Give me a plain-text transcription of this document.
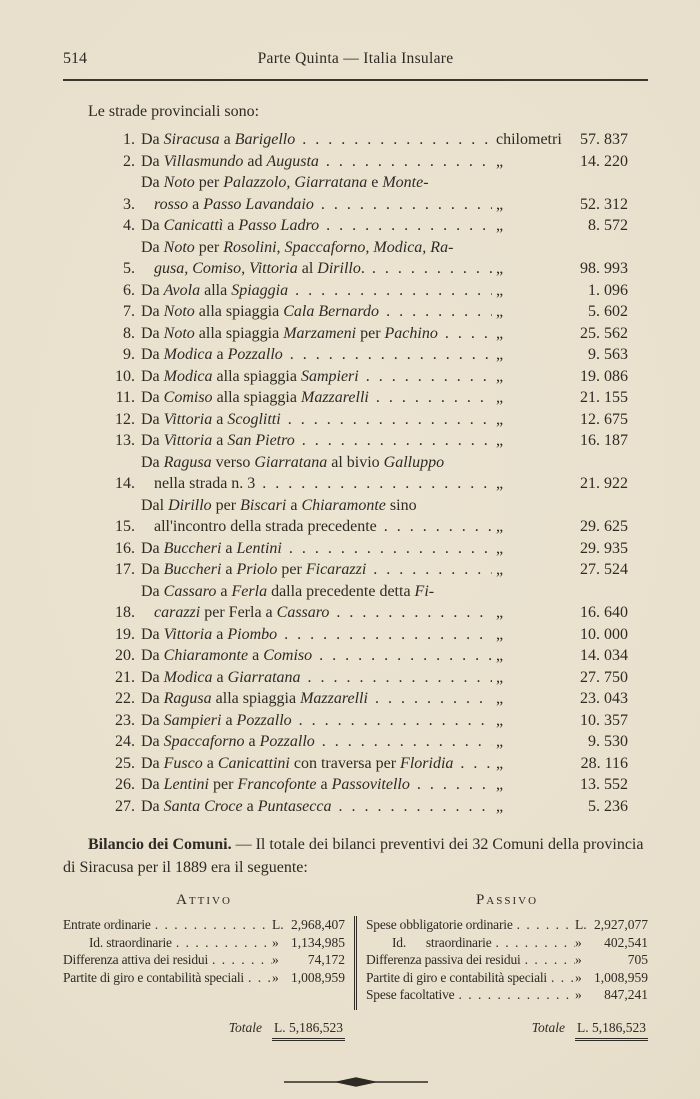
514	Parte Quinta — Italia Insulare

Le strade provinciali sono:

1. Da Siracusa a Barigello . . .	chilometri	57. 837
2. Da Villasmundo ad Augusta . . .	„	14. 220
3.
Da Noto per Palazzolo, Giarratana e Monte-
rosso a Passo Lavandaio . . .	„	52. 312
4. Da Canicattì a Passo Ladro . . .	„	8. 572
5.
Da Noto per Rosolini, Spaccaforno, Modica, Ra-
gusa, Comiso, Vittoria al Dirillo. . . .	„	98. 993
6. Da Avola alla Spiaggia . . .	„	1. 096
7. Da Noto alla spiaggia Cala Bernardo . . .	„	5. 602
8. Da Noto alla spiaggia Marzameni per Pachino . . .	„	25. 562
9. Da Modica a Pozzallo . . .	„	9. 563
10. Da Modica alla spiaggia Sampieri . . .	„	19. 086
11. Da Comiso alla spiaggia Mazzarelli . . .	„	21. 155
12. Da Vittoria a Scoglitti . . .	„	12. 675
13. Da Vittoria a San Pietro . . .	„	16. 187
14.
Da Ragusa verso Giarratana al bivio Galluppo
nella strada n. 3 . . .	„	21. 922
15.
Dal Dirillo per Biscari a Chiaramonte sino
all'incontro della strada precedente . . .	„	29. 625
16. Da Buccheri a Lentini . . .	„	29. 935
17. Da Buccheri a Priolo per Ficarazzi . . .	„	27. 524
18.
Da Cassaro a Ferla dalla precedente detta Fi-
carazzi per Ferla a Cassaro . . .	„	16. 640
19. Da Vittoria a Piombo . . .	„	10. 000
20. Da Chiaramonte a Comiso . . .	„	14. 034
21. Da Modica a Giarratana . . .	„	27. 750
22. Da Ragusa alla spiaggia Mazzarelli . . .	„	23. 043
23. Da Sampieri a Pozzallo . . .	„	10. 357
24. Da Spaccaforno a Pozzallo . . .	„	9. 530
25. Da Fusco a Canicattini con traversa per Floridia . . .	„	28. 116
26. Da Lentini per Francofonte a Passovitello . . .	„	13. 552
27. Da Santa Croce a Puntasecca . . .	„	5. 236

Bilancio dei Comuni. — Il totale dei bilanci preventivi dei 32 Comuni della provincia di Siracusa per il 1889 era il seguente:

Attivo
Entrate ordinarie . . .	L. 2,968,407
Id. straordinarie . . .	» 1,134,985
Differenza attiva dei residui . . .	»	74,172
Partite di giro e contabilità speciali . . . » 1,008,959
Totale L. 5,186,523
Passivo
Spese obbligatorie ordinarie . . .	L. 2,927,077
Id.  straordinarie . . .	»	402,541
Differenza passiva dei residui . . .	»	705
Partite di giro e contabilità speciali . . . » 1,008,959
Spese facoltative . . .	»	847,241
Totale L. 5,186,523
